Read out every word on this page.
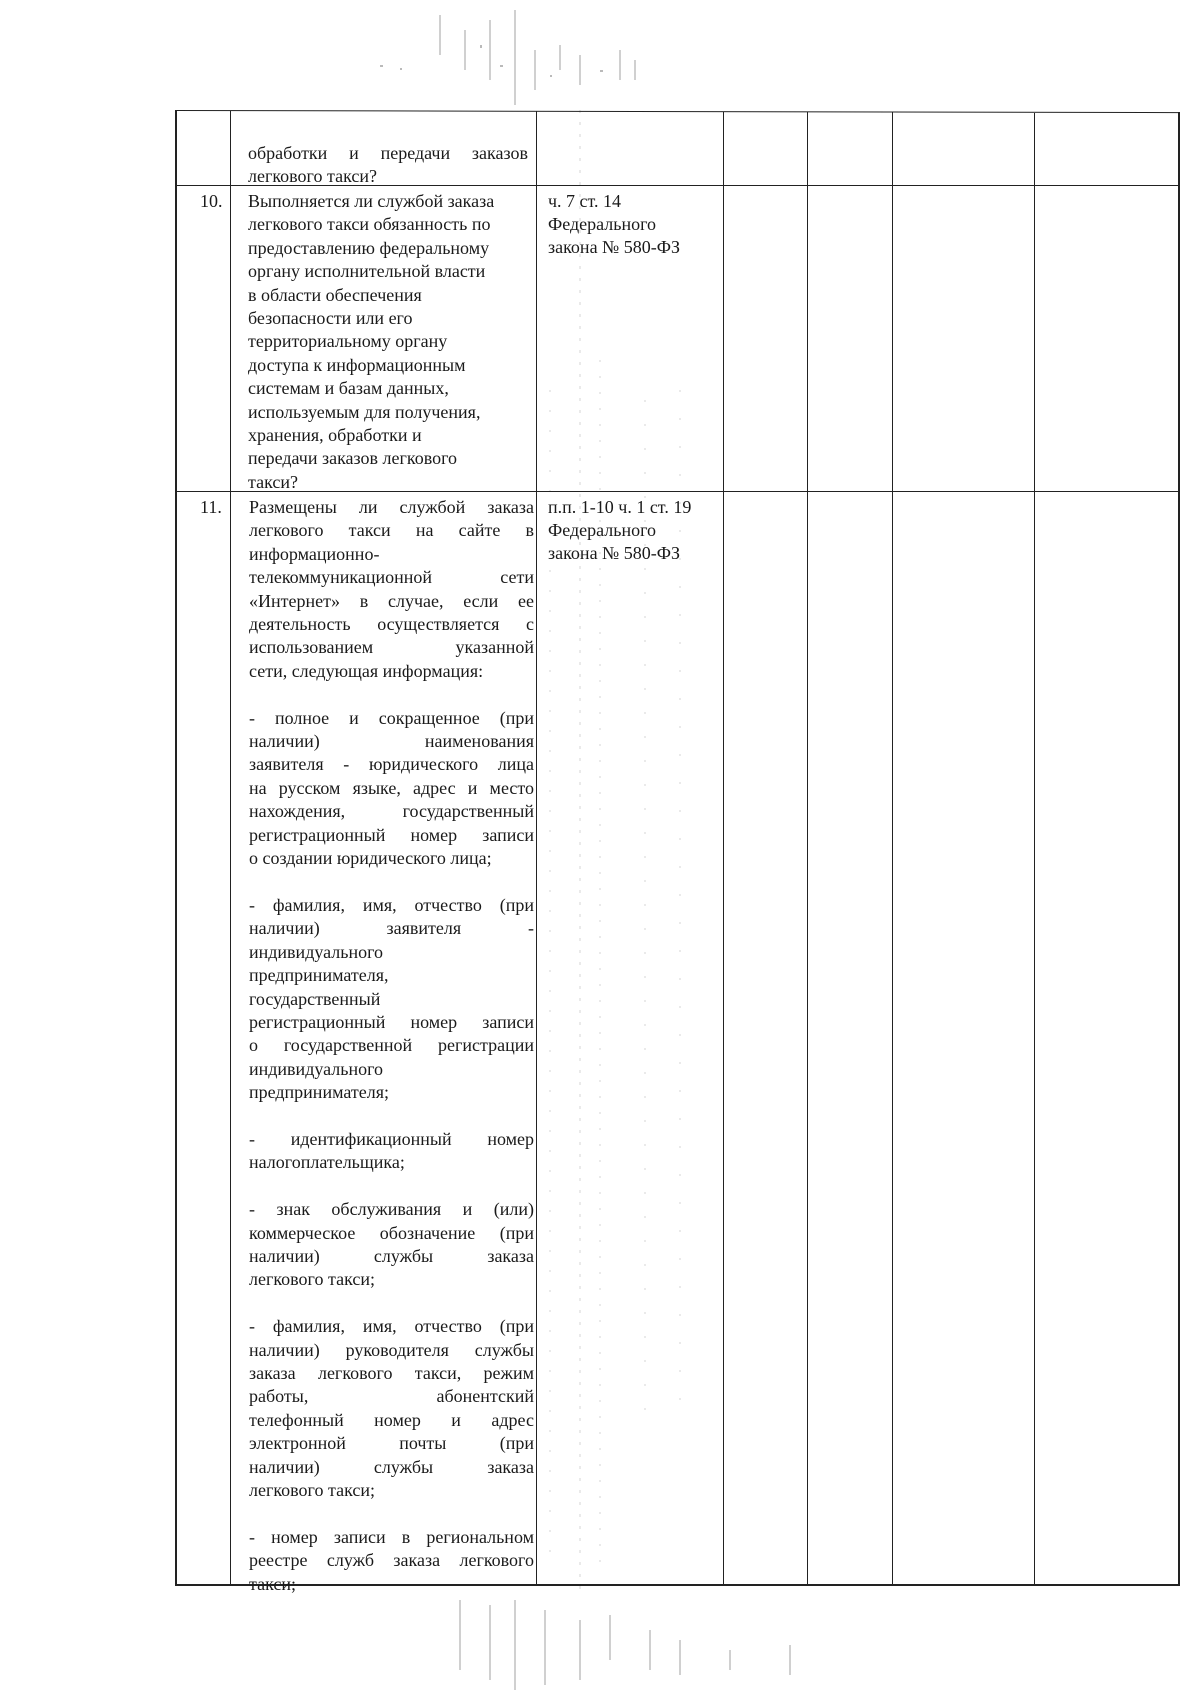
обработки и передачи заказов
легкового такси?
10. Выполняется ли службой заказа
легкового такси обязанность по
предоставлению федеральному
органу исполнительной власти
в области обеспечения
безопасности или его
территориальному органу
доступа к информационным
системам и базам данных,
используемым для получения,
хранения, обработки и
передачи заказов легкового
такси?
ч. 7 ст. 14
Федерального
закона № 580-ФЗ
11. Размещены ли службой заказа
легкового такси на сайте в
информационно-
телекоммуникационной сети
«Интернет» в случае, если ее
деятельность осуществляется с
использованием указанной
сети, следующая информация:
- полное и сокращенное (при
наличии) наименования
заявителя - юридического лица
на русском языке, адрес и место
нахождения, государственный
регистрационный номер записи
о создании юридического лица;
- фамилия, имя, отчество (при
наличии) заявителя -
индивидуального
предпринимателя,
государственный
регистрационный номер записи
о государственной регистрации
индивидуального
предпринимателя;
- идентификационный номер
налогоплательщика;
- знак обслуживания и (или)
коммерческое обозначение (при
наличии) службы заказа
легкового такси;
- фамилия, имя, отчество (при
наличии) руководителя службы
заказа легкового такси, режим
работы, абонентский
телефонный номер и адрес
электронной почты (при
наличии) службы заказа
легкового такси;
- номер записи в региональном
реестре служб заказа легкового
такси;
п.п. 1-10 ч. 1 ст. 19
Федерального
закона № 580-ФЗ
